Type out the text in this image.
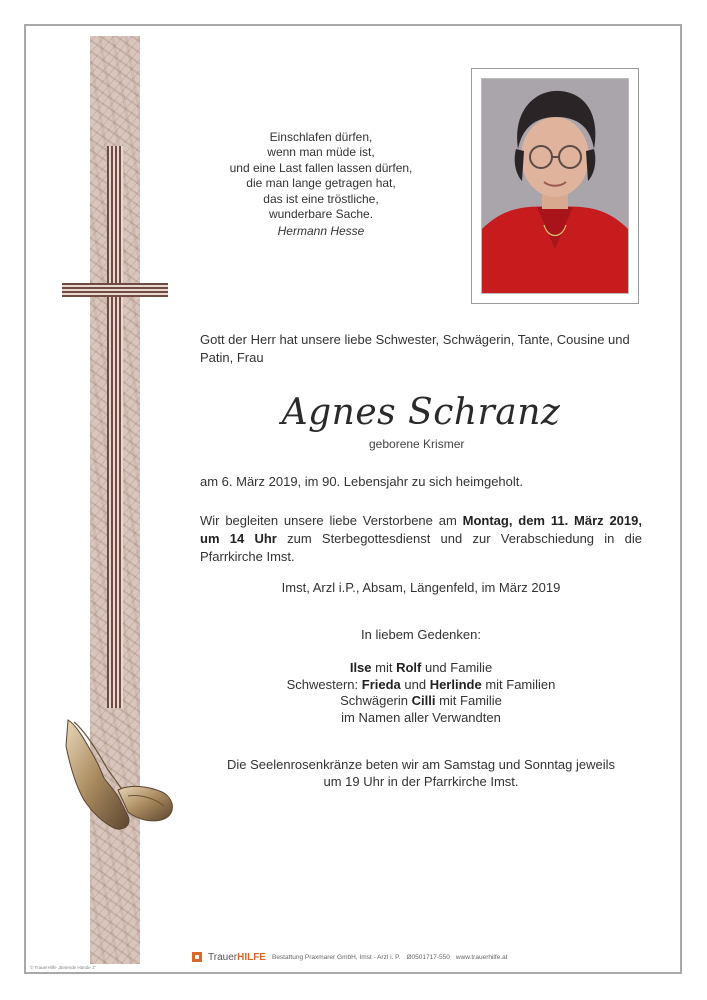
Einschlafen dürfen,
wenn man müde ist,
und eine Last fallen lassen dürfen,
die man lange getragen hat,
das ist eine tröstliche,
wunderbare Sache.
Hermann Hesse
Gott der Herr hat unsere liebe Schwester, Schwägerin, Tante, Cousine und Patin, Frau
Agnes Schranz
geborene Krismer
am 6. März 2019, im 90. Lebensjahr zu sich heimgeholt.
Wir begleiten unsere liebe Verstorbene am Montag, dem 11. März 2019, um 14 Uhr zum Sterbegottesdienst und zur Verabschiedung in die Pfarrkirche Imst.
Imst, Arzl i.P., Absam, Längenfeld, im März 2019
In liebem Gedenken:
Ilse mit Rolf und Familie
Schwestern: Frieda und Herlinde mit Familien
Schwägerin Cilli mit Familie
im Namen aller Verwandten
Die Seelenrosenkränze beten wir am Samstag und Sonntag jeweils
um 19 Uhr in der Pfarrkirche Imst.
TrauerHILFE Bestattung Praxmarer GmbH, Imst - Arzl i. P. Ø0501717-550 www.trauerhilfe.at
© TrauerHilfe „Betende Hände 1"
